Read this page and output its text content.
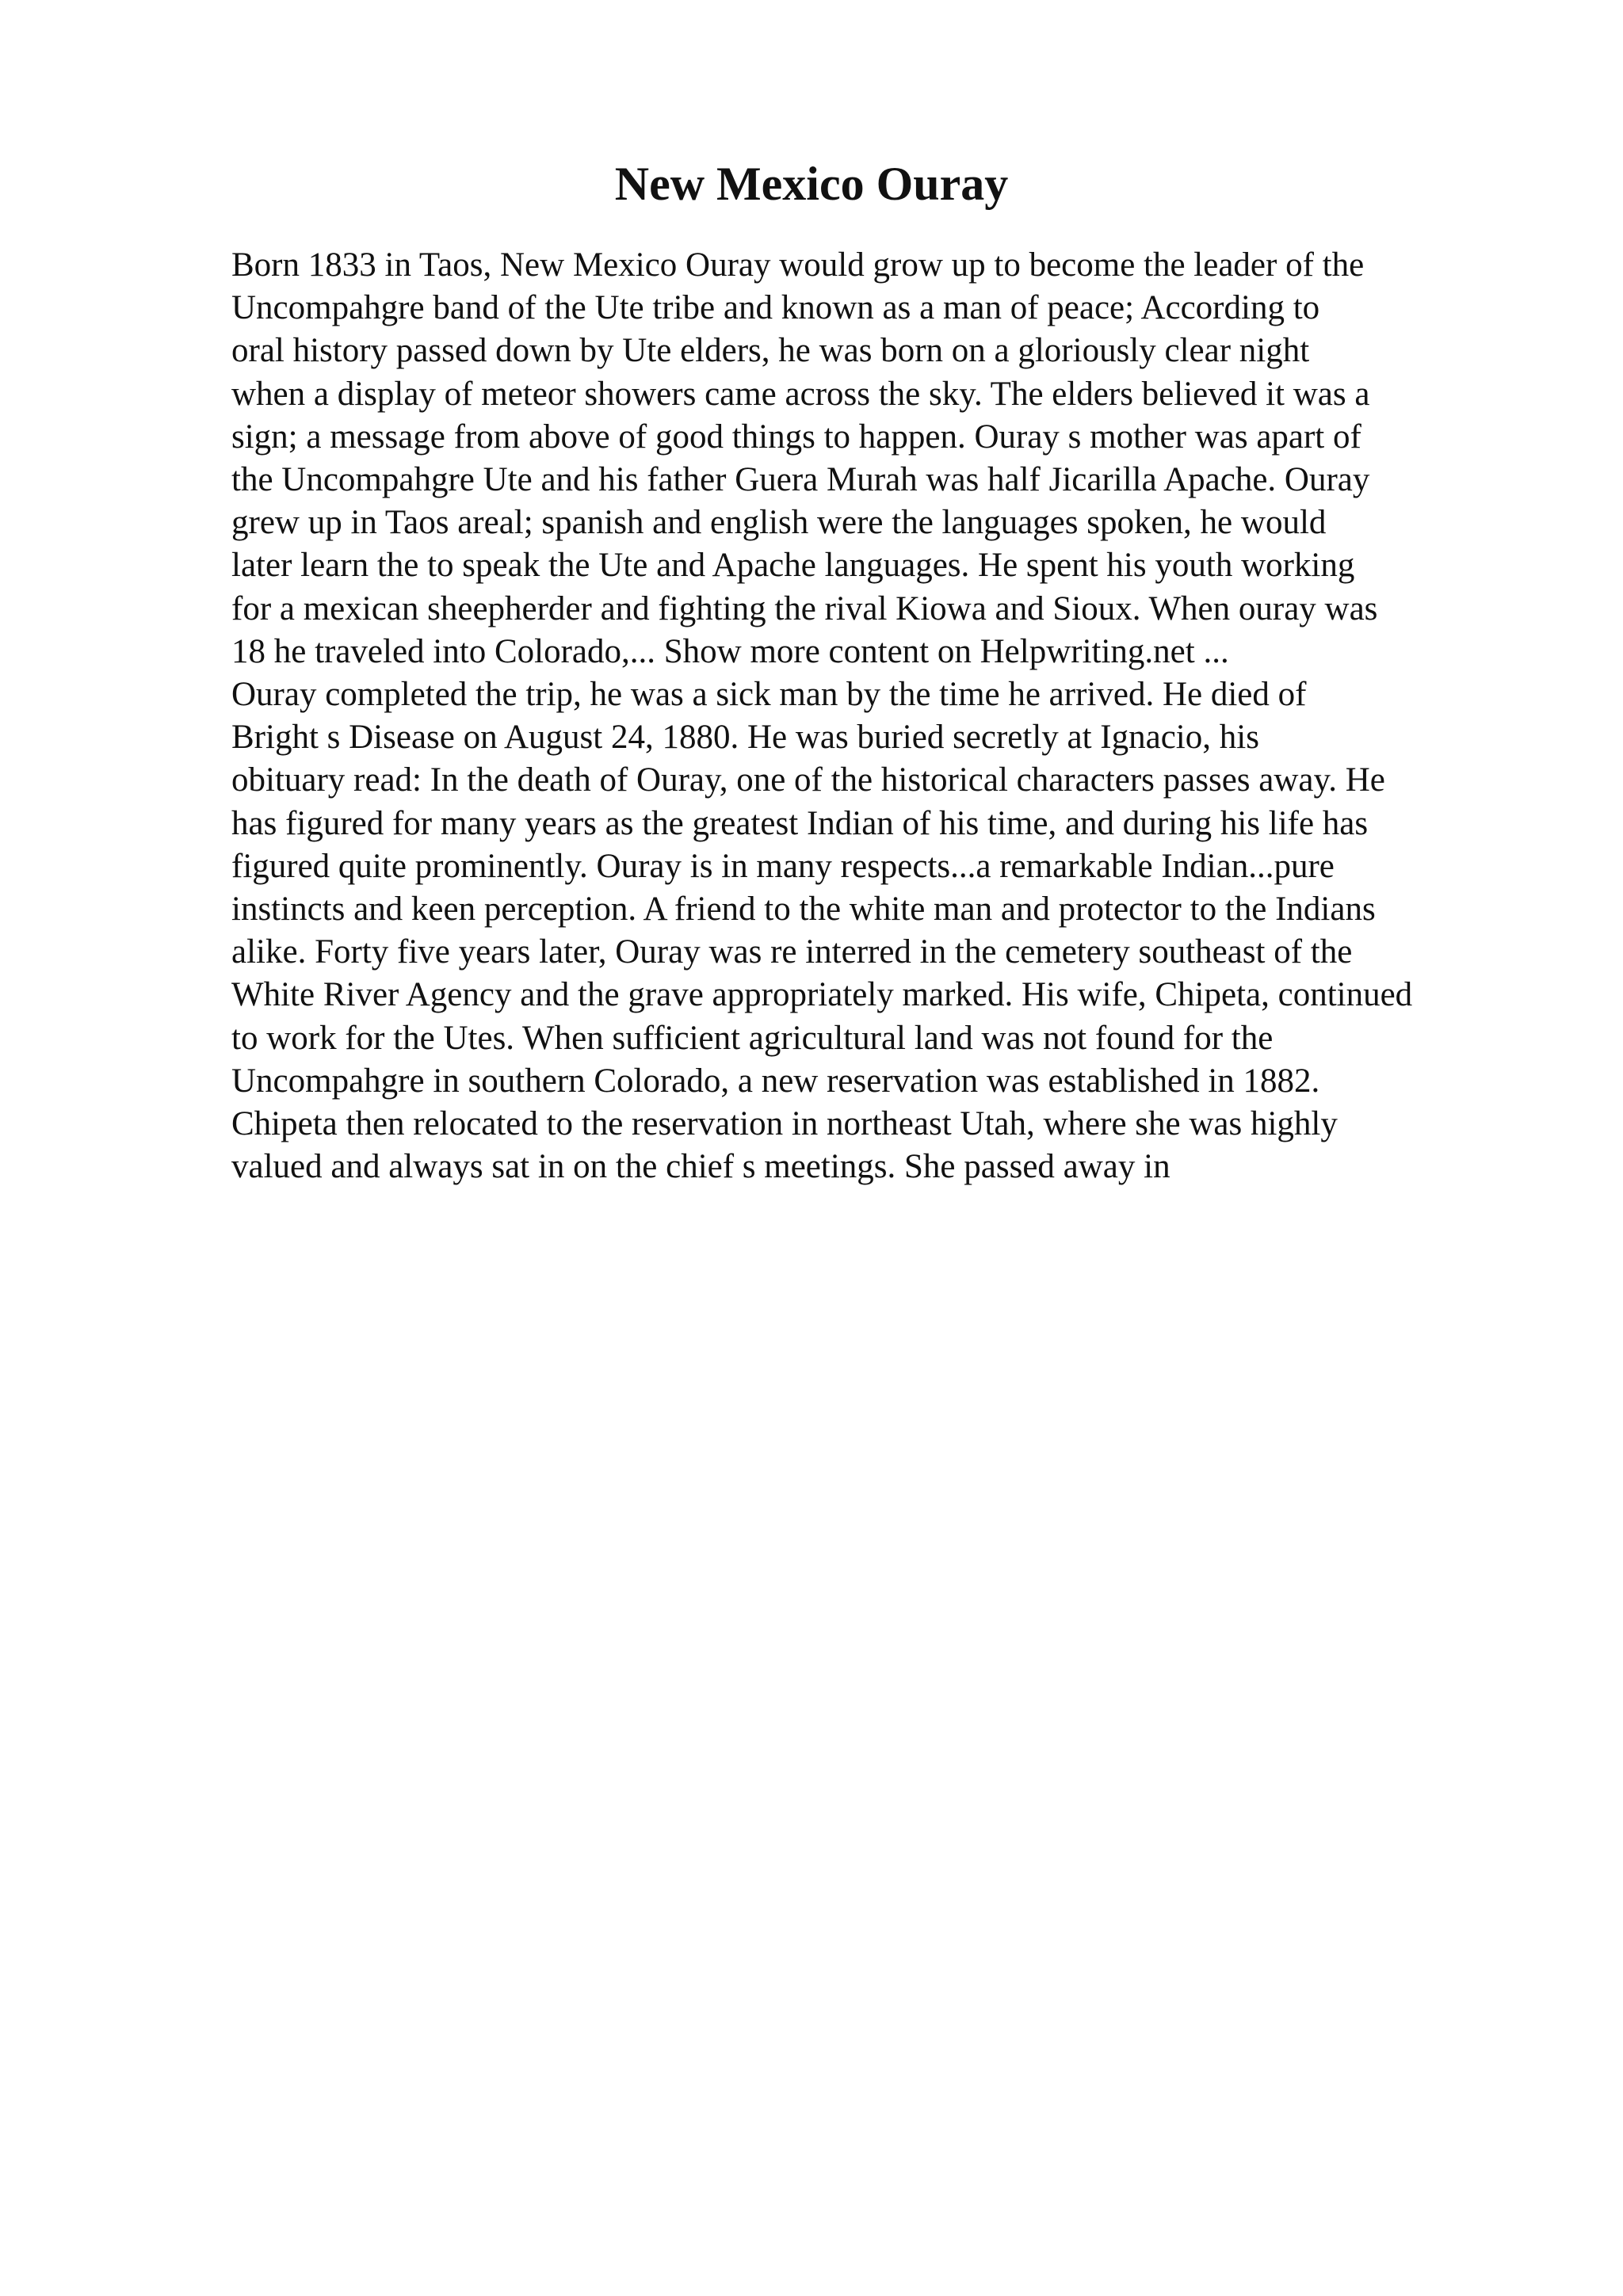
New Mexico Ouray
Born 1833 in Taos, New Mexico Ouray would grow up to become the leader of the
Uncompahgre band of the Ute tribe and known as a man of peace; According to
oral history passed down by Ute elders, he was born on a gloriously clear night
when a display of meteor showers came across the sky. The elders believed it was a
sign; a message from above of good things to happen. Ouray s mother was apart of
the Uncompahgre Ute and his father Guera Murah was half Jicarilla Apache. Ouray
grew up in Taos areal; spanish and english were the languages spoken, he would
later learn the to speak the Ute and Apache languages. He spent his youth working
for a mexican sheepherder and fighting the rival Kiowa and Sioux. When ouray was
18 he traveled into Colorado,... Show more content on Helpwriting.net ...
Ouray completed the trip, he was a sick man by the time he arrived. He died of
Bright s Disease on August 24, 1880. He was buried secretly at Ignacio, his
obituary read: In the death of Ouray, one of the historical characters passes away. He
has figured for many years as the greatest Indian of his time, and during his life has
figured quite prominently. Ouray is in many respects...a remarkable Indian...pure
instincts and keen perception. A friend to the white man and protector to the Indians
alike. Forty five years later, Ouray was re interred in the cemetery southeast of the
White River Agency and the grave appropriately marked. His wife, Chipeta, continued
to work for the Utes. When sufficient agricultural land was not found for the
Uncompahgre in southern Colorado, a new reservation was established in 1882.
Chipeta then relocated to the reservation in northeast Utah, where she was highly
valued and always sat in on the chief s meetings. She passed away in
